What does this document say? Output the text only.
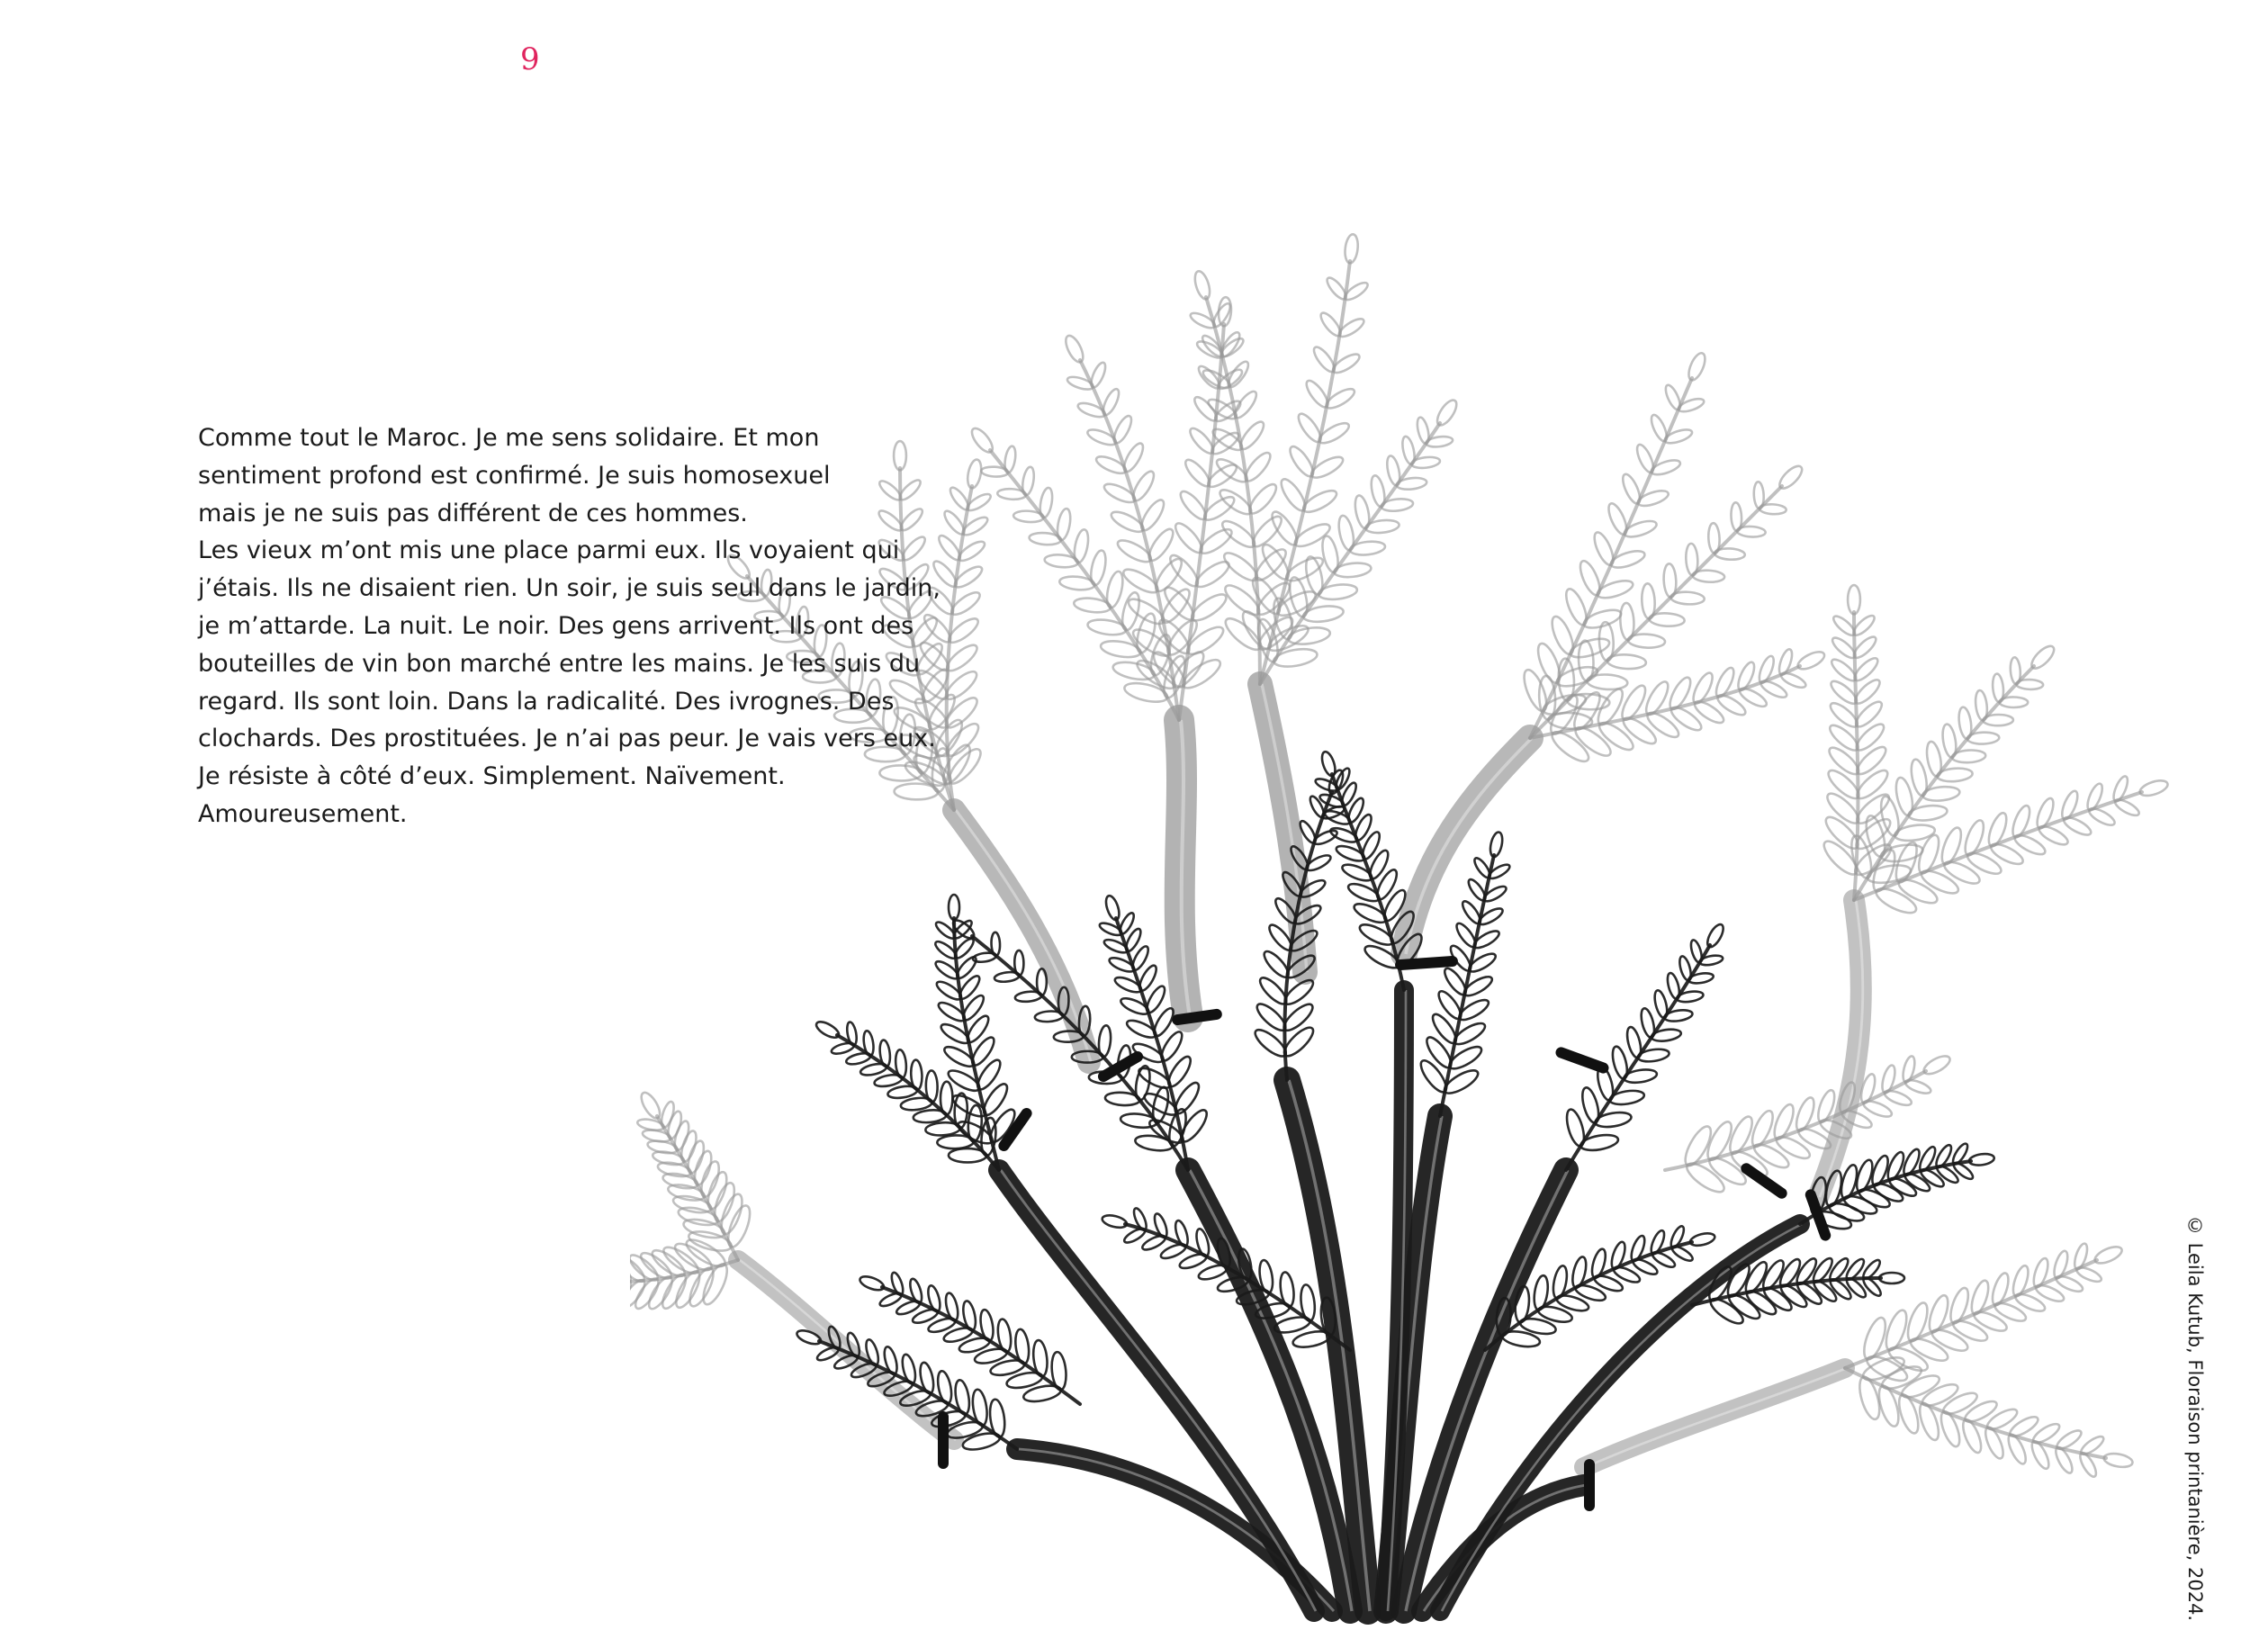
9

Comme tout le Maroc. Je me sens solidaire. Et mon
sentiment profond est confirmé. Je suis homosexuel
mais je ne suis pas différent de ces hommes.
Les vieux m’ont mis une place parmi eux. Ils voyaient qui
j’étais. Ils ne disaient rien. Un soir, je suis seul dans le jardin,
je m’attarde. La nuit. Le noir. Des gens arrivent. Ils ont des
bouteilles de vin bon marché entre les mains. Je les suis du
regard. Ils sont loin. Dans la radicalité. Des ivrognes. Des
clochards. Des prostituées. Je n’ai pas peur. Je vais vers eux.
Je résiste à côté d’eux. Simplement. Naïvement.
Amoureusement.

© Leila Kutub, Floraison printanière, 2024.
